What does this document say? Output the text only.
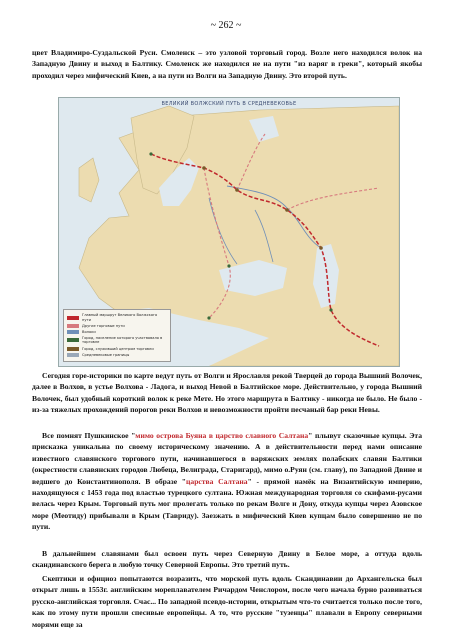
~ 262 ~

цвет Владимиро-Суздальской Руси. Смоленск – это узловой торговый город. Возле него находился волок на Западную Двину и выход в Балтику. Смоленск же находился не на пути "из варяг в греки", который якобы проходил через мифический Киев, а на пути из Волги на Западную Двину. Это второй путь.

ВЕЛИКИЙ ВОЛЖСКИЙ ПУТЬ В СРЕДНЕВЕКОВЬЕ
Главный маршрут Великого Волжского пути
Другие торговые пути
Волоки
Город, население которого участвовало в торговле
Город, служивший центром торговли
Средневековые границы

Сегодня горе-историки по карте ведут путь от Волги и Ярославля рекой Тверцей до города Вышний Волочек, далее в Волхов, в устье Волхова - Ладога, и выход Невой в Балтийское море. Действительно, у города Вышний Волочек, был удобный короткий волок к реке Мете. Но этого маршрута в Балтику - никогда не было. Не было - из-за тяжелых прохождений порогов реки Волхов и невозможности пройти песчаный бар реки Невы.

Все помнят Пушкинское "мимо острова Буяна в царство славного Салтана" плывут сказочные купцы. Эта присказка уникальна по своему историческому значению. А в действительности перед нами описание известного славянского торгового пути, начинавшегося в варяжских землях полабских славян Балтики (окрестности славянских городов Любеца, Велиграда, Старигард), мимо о.Руян (см. главу), по Западной Двине и ведшего до Константинополя. В образе "царства Салтана" - прямой намёк на Византийскую империю, находящуюся с 1453 года под властью турецкого султана. Южная международная торговля со скифами-русами велась через Крым. Торговый путь мог пролегать только по рекам Волге и Дону, откуда купцы через Азовское море (Меотиду) прибывали в Крым (Тавриду). Заезжать в мифический Киев купцам было совершенно не по пути.

В дальнейшем славянами был освоен путь через Северную Двину в Белое море, а оттуда вдоль скандинавского берега в любую точку Северной Европы. Это третий путь.

Скептики и официоз попытаются возразить, что морской путь вдоль Скандинавии до Архангельска был открыт лишь в 1553г. английским мореплавателем Ричардом Ченслором, после чего начала бурно развиваться русско-английская торговля. Счас... По западной псевдо-истории, открытым что-то считается только после того, как по этому пути прошли спесивые европейцы. А то, что русские "тузенцы" плавали в Европу северными морями еще за
